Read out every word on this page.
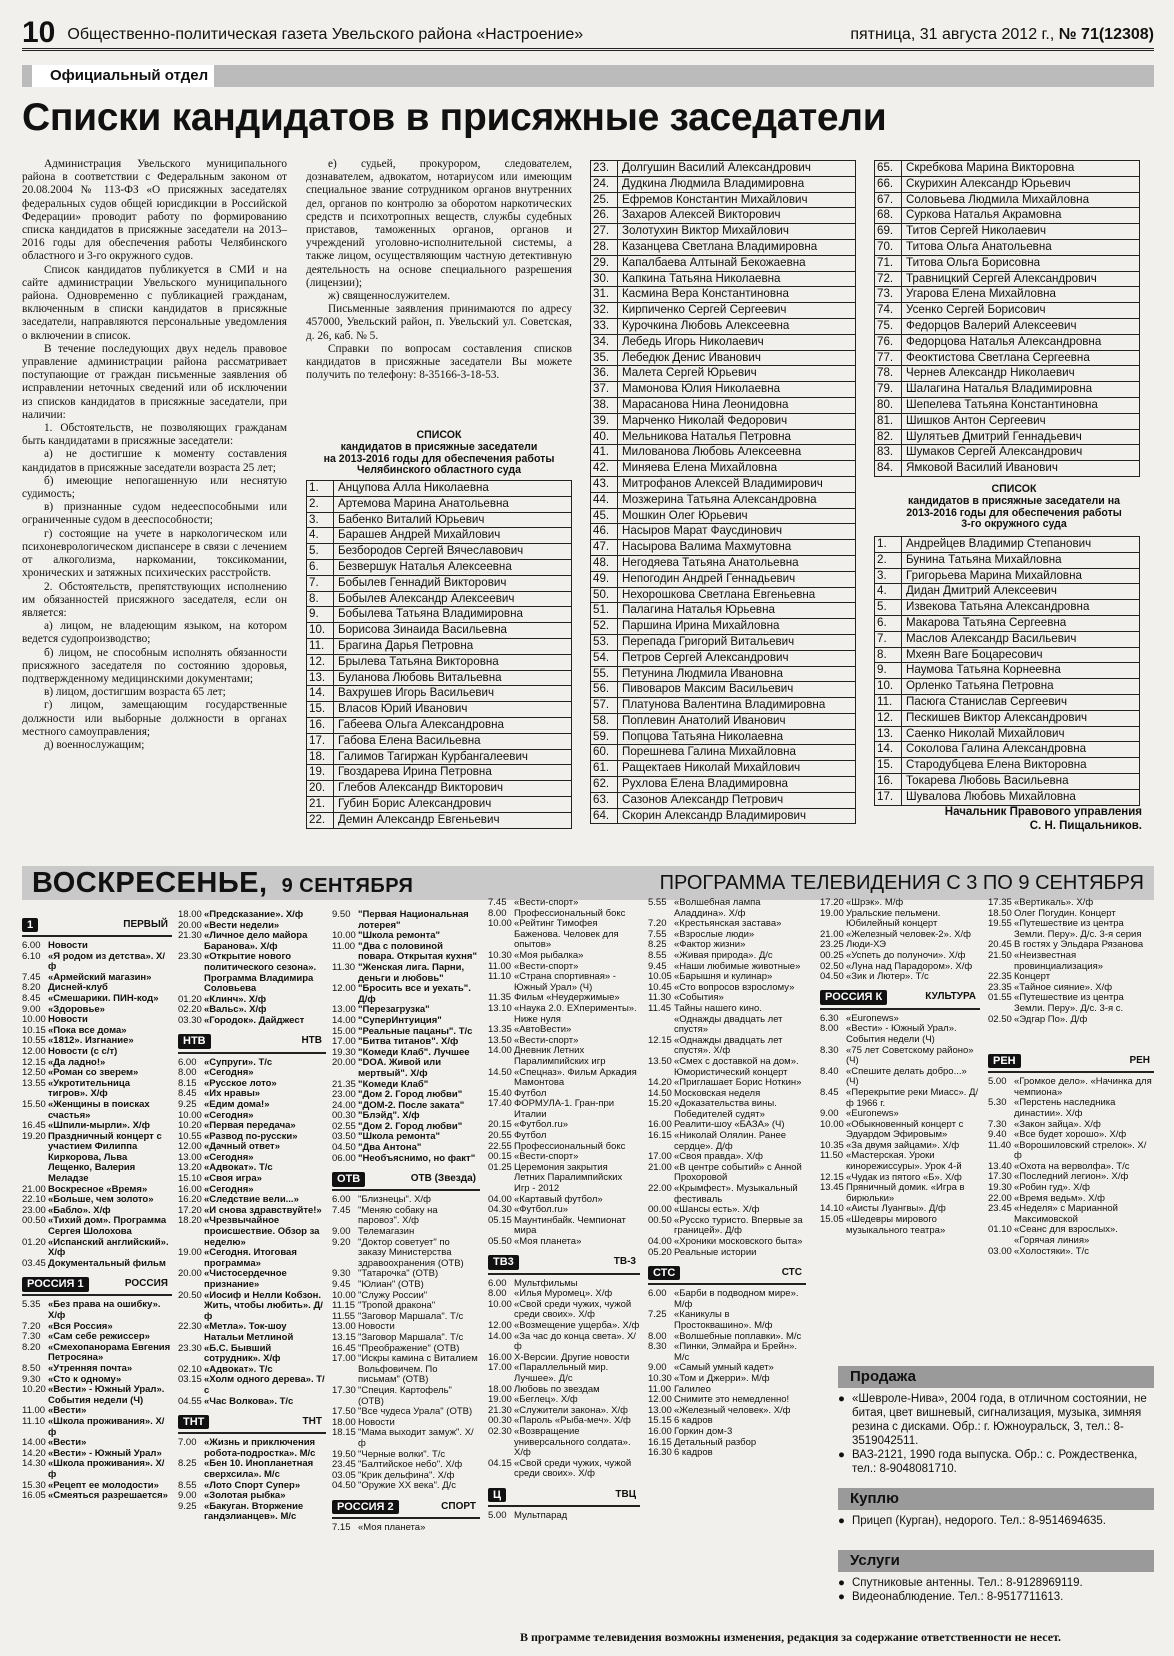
10 Общественно-политическая газета Увельского района «Настроение»	пятница, 31 августа 2012 г., № 71(12308)
Официальный отдел
Списки кандидатов в присяжные заседатели

Администрация Увельского муниципального района в соответствии с Федеральным законом от 20.08.2004 № 113-ФЗ «О присяжных заседателях федеральных судов общей юрисдикции в Российской Федерации» проводит работу по формированию списка кандидатов в присяжные заседатели на 2013–2016 годы для обеспечения работы Челябинского областного и 3-го окружного судов.

Список кандидатов публикуется в СМИ и на сайте администрации Увельского муниципального района. Одновременно с публикацией гражданам, включенным в списки кандидатов в присяжные заседатели, направляются персональные уведомления о включении в список.

В течение последующих двух недель правовое управление администрации района рассматривает поступающие от граждан письменные заявления об исправлении неточных сведений или об исключении из списков кандидатов в присяжные заседатели, при наличии:

1. Обстоятельств, не позволяющих гражданам быть кандидатами в присяжные заседатели:

а) не достигшие к моменту составления кандидатов в присяжные заседатели возраста 25 лет;

б) имеющие непогашенную или неснятую судимость;

в) признанные судом недееспособными или ограниченные судом в дееспособности;

г) состоящие на учете в наркологическом или психоневрологическом диспансере в связи с лечением от алкоголизма, наркомании, токсикомании, хронических и затяжных психических расстройств.

2. Обстоятельств, препятствующих исполнению им обязанностей присяжного заседателя, если он является:

а) лицом, не владеющим языком, на котором ведется судопроизводство;

б) лицом, не способным исполнять обязанности присяжного заседателя по состоянию здоровья, подтвержденному медицинскими документами;

в) лицом, достигшим возраста 65 лет;

г) лицом, замещающим государственные должности или выборные должности в органах местного самоуправления;

д) военнослужащим;

е) судьей, прокурором, следователем, дознавателем, адвокатом, нотариусом или имеющим специальное звание сотрудником органов внутренних дел, органов по контролю за оборотом наркотических средств и психотропных веществ, службы судебных приставов, таможенных органов, органов и учреждений уголовно-исполнительной системы, а также лицом, осуществляющим частную детективную деятельность на основе специального разрешения (лицензии);

ж) священнослужителем.

Письменные заявления принимаются по адресу 457000, Увельский район, п. Увельский ул. Советская, д. 26, каб. № 5.

Справки по вопросам составления списков кандидатов в присяжные заседатели Вы можете получить по телефону: 8-35166-3-18-53.

СПИСОК
кандидатов в присяжные заседатели
на 2013-2016 годы для обеспечения работы
Челябинского областного суда
1.	Анцупова Алла Николаевна
2.	Артемова Марина Анатольевна
3.	Бабенко Виталий Юрьевич
4.	Барашев Андрей Михайлович
5.	Безбородов Сергей Вячеславович
6.	Безвершук Наталья Алексеевна
7.	Бобылев Геннадий Викторович
8.	Бобылев Александр Алексеевич
9.	Бобылева Татьяна Владимировна
10.	Борисова Зинаида Васильевна
11.	Брагина Дарья Петровна
12.	Брылева Татьяна Викторовна
13.	Буланова Любовь Витальевна
14.	Вахрушев Игорь Васильевич
15.	Власов Юрий Иванович
16.	Габеева Ольга Александровна
17.	Габова Елена Васильевна
18.	Галимов Тагиржан Курбангалеевич
19.	Гвоздарева Ирина Петровна
20.	Глебов Александр Викторович
21.	Губин Борис Александрович
22.	Демин Александр Евгеньевич
23.	Долгушин Василий Александрович
24.	Дудкина Людмила Владимировна
25.	Ефремов Константин Михайлович
26.	Захаров Алексей Викторович
27.	Золотухин Виктор Михайлович
28.	Казанцева Светлана Владимировна
29.	Капалбаева Алтынай Бекожаевна
30.	Капкина Татьяна Николаевна
31.	Касмина Вера Константиновна
32.	Кирпиченко Сергей Сергеевич
33.	Курочкина Любовь Алексеевна
34.	Лебедь Игорь Николаевич
35.	Лебедюк Денис Иванович
36.	Малета Сергей Юрьевич
37.	Мамонова Юлия Николаевна
38.	Марасанова Нина Леонидовна
39.	Марченко Николай Федорович
40.	Мельникова Наталья Петровна
41.	Милованова Любовь Алексеевна
42.	Миняева Елена Михайловна
43.	Митрофанов Алексей Владимирович
44.	Мозжерина Татьяна Александровна
45.	Мошкин Олег Юрьевич
46.	Насыров Марат Фаусдинович
47.	Насырова Валима Махмутовна
48.	Негодяева Татьяна Анатольевна
49.	Непогодин Андрей Геннадьевич
50.	Нехорошкова Светлана Евгеньевна
51.	Палагина Наталья Юрьевна
52.	Паршина Ирина Михайловна
53.	Перепада Григорий Витальевич
54.	Петров Сергей Александрович
55.	Петунина Людмила Ивановна
56.	Пивоваров Максим Васильевич
57.	Платунова Валентина Владимировна
58.	Поплевин Анатолий Иванович
59.	Попцова Татьяна Николаевна
60.	Порешнева Галина Михайловна
61.	Ращектаев Николай Михайлович
62.	Рухлова Елена Владимировна
63.	Сазонов Александр Петрович
64.	Скорин Александр Владимирович
65.	Скребкова Марина Викторовна
66.	Скурихин Александр Юрьевич
67.	Соловьева Людмила Михайловна
68.	Суркова Наталья Акрамовна
69.	Титов Сергей Николаевич
70.	Титова Ольга Анатольевна
71.	Титова Ольга Борисовна
72.	Травницкий Сергей Александрович
73.	Угарова Елена Михайловна
74.	Усенко Сергей Борисович
75.	Федорцов Валерий Алексеевич
76.	Федорцова Наталья Александровна
77.	Феоктистова Светлана Сергеевна
78.	Чернев Александр Николаевич
79.	Шалагина Наталья Владимировна
80.	Шепелева Татьяна Константиновна
81.	Шишков Антон Сергеевич
82.	Шулятьев Дмитрий Геннадьевич
83.	Шумаков Сергей Александрович
84.	Ямковой Василий Иванович
СПИСОК
кандидатов в присяжные заседатели на
2013-2016 годы для обеспечения работы
3-го окружного суда
1.	Андрейцев Владимир Степанович
2.	Бунина Татьяна Михайловна
3.	Григорьева Марина Михайловна
4.	Дидан Дмитрий Алексеевич
5.	Извекова Татьяна Александровна
6.	Макарова Татьяна Сергеевна
7.	Маслов Александр Васильевич
8.	Мхеян Ваге Боцаресович
9.	Наумова Татьяна Корнеевна
10.	Орленко Татьяна Петровна
11.	Пасюга Станислав Сергеевич
12.	Пескишев Виктор Александрович
13.	Саенко Николай Михайлович
14.	Соколова Галина Александровна
15.	Стародубцева Елена Викторовна
16.	Токарева Любовь Васильевна
17.	Шувалова Любовь Михайловна
Начальник Правового управления
С. Н. Пищальников.
ВОСКРЕСЕНЬЕ, 9 СЕНТЯБРЯ	ПРОГРАММА ТЕЛЕВИДЕНИЯ С 3 ПО 9 СЕНТЯБРЯ
1	ПЕРВЫЙ
6.00 Новости
6.10 «Я родом из детства». Х/ф
7.45 «Армейский магазин»
8.20 Дисней-клуб
8.45 «Смешарики. ПИН-код»
9.00 «Здоровье»
10.00 Новости
10.15 «Пока все дома»
10.55 «1812». Изгнание»
12.00 Новости (с с/т)
12.15 «Да ладно!»
12.50 «Роман со зверем»
13.55 «Укротительница тигров». Х/ф
15.50 «Женщины в поисках счастья»
16.45 «Шпили-мырли». Х/ф
19.20 Праздничный концерт с участием Филиппа Киркорова, Льва Лещенко, Валерия Меладзе
21.00 Воскресное «Время»
22.10 «Больше, чем золото»
23.00 «Бабло». Х/ф
00.50 «Тихий дом». Программа Сергея Шолохова
01.20 «Испанский английский». Х/ф
03.45 Документальный фильм
РОССИЯ 1	РОССИЯ
5.35 «Без права на ошибку». Х/ф
7.20 «Вся Россия»
7.30 «Сам себе режиссер»
8.20 «Смехопанорама Евгения Петросяна»
8.50 «Утренняя почта»
9.30 «Сто к одному»
10.20 «Вести» - Южный Урал». События недели (Ч)
11.00 «Вести»
11.10 «Школа проживания». Х/ф
14.00 «Вести»
14.20 «Вести» - Южный Урал»
14.30 «Школа проживания». Х/ф
15.30 «Рецепт ее молодости»
16.05 «Смеяться разрешается»
18.00 «Предсказание». Х/ф
20.00 «Вести недели»
21.30 «Личное дело майора Баранова». Х/ф
23.30 «Открытие нового политического сезона». Программа Владимира Соловьева
01.20 «Клинч». Х/ф
02.20 «Вальс». Х/ф
03.30 «Городок». Дайджест
НТВ	НТВ
6.00 «Супруги». Т/с
8.00 «Сегодня»
8.15 «Русское лото»
8.45 «Их нравы»
9.25 «Едим дома!»
10.00 «Сегодня»
10.20 «Первая передача»
10.55 «Развод по-русски»
12.00 «Дачный ответ»
13.00 «Сегодня»
13.20 «Адвокат». Т/с
15.10 «Своя игра»
16.00 «Сегодня»
16.20 «Следствие вели...»
17.20 «И снова здравствуйте!»
18.20 «Чрезвычайное происшествие. Обзор за неделю»
19.00 «Сегодня. Итоговая программа»
20.00 «Чистосердечное признание»
20.50 «Иосиф и Нелли Кобзон. Жить, чтобы любить». Д/ф
22.30 «Метла». Ток-шоу Натальи Метлиной
23.30 «Б.С. Бывший сотрудник». Х/ф
02.10 «Адвокат». Т/с
03.15 «Холм одного дерева». Т/с
04.55 «Час Волкова». Т/с
ТНТ	ТНТ
7.00 «Жизнь и приключения робота-подростка». М/с
8.25 «Бен 10. Инопланетная сверхсила». М/с
8.55 «Лото Спорт Супер»
9.00 «Золотая рыбка»
9.25 «Бакуган. Вторжение гандэлианцев». М/с
9.50 "Первая Национальная лотерея"
10.00 "Школа ремонта"
11.00 "Два с половиной повара. Открытая кухня"
11.30 "Женская лига. Парни, деньги и любовь"
12.00 "Бросить все и уехать". Д/ф
13.00 "Перезагрузка"
14.00 "СуперИнтуиция"
15.00 "Реальные пацаны". Т/с
17.00 "Битва титанов". Х/ф
19.30 "Комеди Клаб". Лучшее
20.00 "DOA. Живой или мертвый". Х/ф
21.35 "Комеди Клаб"
23.00 "Дом 2. Город любви"
24.00 "ДОМ-2. После заката"
00.30 "Блэйд". Х/ф
02.55 "Дом 2. Город любви"
03.50 "Школа ремонта"
04.50 "Два Антона"
06.00 "Необъяснимо, но факт"
ОТВ	ОТВ (Звезда)
6.00 "Близнецы". Х/ф
7.45 "Меняю собаку на паровоз". Х/ф
9.00 Телемагазин
9.20 "Доктор советует" по заказу Министерства здравоохранения (ОТВ)
9.30 "Татарочка" (ОТВ)
9.45 "Юлиан" (ОТВ)
10.00 "Служу России"
11.15 "Тропой дракона"
11.55 "Заговор Маршала". Т/с
13.00 Новости
13.15 "Заговор Маршала". Т/с
16.45 "Преображение" (ОТВ)
17.00 "Искры камина с Виталием Вольфовичем. По письмам" (ОТВ)
17.30 "Специя. Картофель" (ОТВ)
17.50 "Все чудеса Урала" (ОТВ)
18.00 Новости
18.15 "Мама выходит замуж". Х/ф
19.50 "Черные волки". Т/с
23.45 "Балтийское небо". Х/ф
03.05 "Крик дельфина". Х/ф
04.50 "Оружие XX века". Д/с
РОССИЯ 2	СПОРТ
7.15 «Моя планета»
7.45 «Вести-спорт»
8.00 Профессиональный бокс
10.00 «Рейтинг Тимофея Баженова. Человек для опытов»
10.30 «Моя рыбалка»
11.00 «Вести-спорт»
11.10 «Страна спортивная» - Южный Урал» (Ч)
11.35 Фильм «Неудержимые»
13.10 «Наука 2.0. ЕХперименты». Нижe нуля
13.35 «АвтоВести»
13.50 «Вести-спорт»
14.00 Дневник Летних Паралимпийских игр
14.50 «Спецназ». Фильм Аркадия Мамонтова
15.40 Футбол
17.40 ФОРМУЛА-1. Гран-при Италии
20.15 «Футбол.ru»
20.55 Футбол
22.55 Профессиональный бокс
00.15 «Вести-спорт»
01.25 Церемония закрытия Летних Паралимпийских Игр - 2012
04.00 «Картавый футбол»
04.30 «Футбол.ru»
05.15 Маунтинбайк. Чемпионат мира
05.50 «Моя планета»
ТВ3	ТВ-3
6.00 Мультфильмы
8.00 «Илья Муромец». Х/ф
10.00 «Свой среди чужих, чужой среди своих». Х/ф
12.00 «Возмещение ущерба». Х/ф
14.00 «За час до конца света». Х/ф
16.00 Х-Версии. Другие новости
17.00 «Параллельный мир. Лучшее». Д/с
18.00 Любовь по звездам
19.00 «Беглец». Х/ф
21.30 «Служители закона». Х/ф
00.30 «Пароль «Рыба-меч». Х/ф
02.30 «Возвращение универсального солдата». Х/ф
04.15 «Свой среди чужих, чужой среди своих». Х/ф
Ц	ТВЦ
5.00 Мультпарад
5.55 «Волшебная лампа Аладдина». Х/ф
7.20 «Крестьянская застава»
7.55 «Взрослые люди»
8.25 «Фактор жизни»
8.55 «Живая природа». Д/с
9.45 «Наши любимые животные»
10.05 «Барышня и кулинар»
10.45 «Сто вопросов взрослому»
11.30 «События»
11.45 Тайны нашего кино. «Однажды двадцать лет спустя»
12.15 «Однажды двадцать лет спустя». Х/ф
13.50 «Смех с доставкой на дом». Юмористический концерт
14.20 «Приглашает Борис Ноткин»
14.50 Московская неделя
15.20 «Доказательства вины. Победителей судят»
16.00 Реалити-шоу «БАЗА» (Ч)
16.15 «Николай Олялин. Ранее сердце». Д/ф
17.00 «Своя правда». Х/ф
21.00 «В центре событий» с Анной Прохоровой
22.00 «Крымфест». Музыкальный фестиваль
00.00 «Шансы есть». Х/ф
00.50 «Русско туристо. Впервые за границей». Д/ф
04.00 «Хроники московского быта»
05.20 Реальные истории
СТС	СТС
6.00 «Барби в подводном мире». М/ф
7.25 «Каникулы в Простоквашино». М/ф
8.00 «Волшебные поплавки». М/с
8.30 «Пинки, Элмайра и Брейн». М/с
9.00 «Самый умный кадет»
10.30 «Том и Джерри». М/ф
11.00 Галилео
12.00 Снимите это немедленно!
13.00 «Железный человек». Х/ф
15.15 6 кадров
16.00 Горкин дом-3
16.15 Детальный разбор
16.30 6 кадров
17.20 «Шрэк». М/ф
19.00 Уральские пельмени. Юбилейный концерт
21.00 «Железный человек-2». Х/ф
23.25 Люди-ХЭ
00.25 «Успеть до полуночи». Х/ф
02.50 «Луна над Парадором». Х/ф
04.50 «Зик и Лютер». Т/с
РОССИЯ К	КУЛЬТУРА
6.30 «Euronews»
8.00 «Вести» - Южный Урал». События недели (Ч)
8.30 «75 лет Советскому районо» (Ч)
8.40 «Спешите делать добро...» (Ч)
8.45 «Перекрытие реки Миасс». Д/ф 1966 г.
9.00 «Euronews»
10.00 «Обыкновенный концерт с Эдуардом Эфировым»
10.35 «За двумя зайцами». Х/ф
11.50 «Мастерская. Уроки кинорежиссуры». Урок 4-й
12.15 «Чудак из пятого «Б». Х/ф
13.45 Пряничный домик. «Игра в бирюльки»
14.10 «Аисты Луангвы». Д/ф
15.05 «Шедевры мирового музыкального театра»
17.35 «Вертикаль». Х/ф
18.50 Олег Погудин. Концерт
19.55 «Путешествие из центра Земли. Перу». Д/с. 3-я серия
20.45 В гостях у Эльдара Рязанова
21.50 «Неизвестная провинциализация»
22.35 Концерт
23.35 «Тайное сияние». Х/ф
01.55 «Путешествие из центра Земли. Перу». Д/с. 3-я с.
02.50 «Эдгар По». Д/ф
РЕН	РЕН
5.00 «Громкое дело». «Начинка для чемпиона»
5.30 «Перстень наследника династии». Х/ф
7.30 «Закон зайца». Х/ф
9.40 «Все будет хорошо». Х/ф
11.40 «Ворошиловский стрелок». Х/ф
13.40 «Охота на верволфа». Т/с
17.30 «Последний легион». Х/ф
19.30 «Робин гуд». Х/ф
22.00 «Время ведьм». Х/ф
23.45 «Неделя» с Марианной Максимовской
01.10 «Сеанс для взрослых». «Горячая линия»
03.00 «Холостяки». Т/с
Продажа
● «Шевроле-Нива», 2004 года, в отличном состоянии, не битая, цвет вишневый, сигнализация, музыка, зимняя резина с дисками. Обр.: г. Южноуральск, 3, тел.: 8-3519042511.
● ВАЗ-2121, 1990 года выпуска. Обр.: с. Рождественка, тел.: 8-9048081710.
Куплю
● Прицеп (Курган), недорого. Тел.: 8-9514694635.
Услуги
● Спутниковые антенны. Тел.: 8-9128969119.
● Видеонаблюдение. Тел.: 8-9517711613.
В программе телевидения возможны изменения, редакция за содержание ответственности не несет.
